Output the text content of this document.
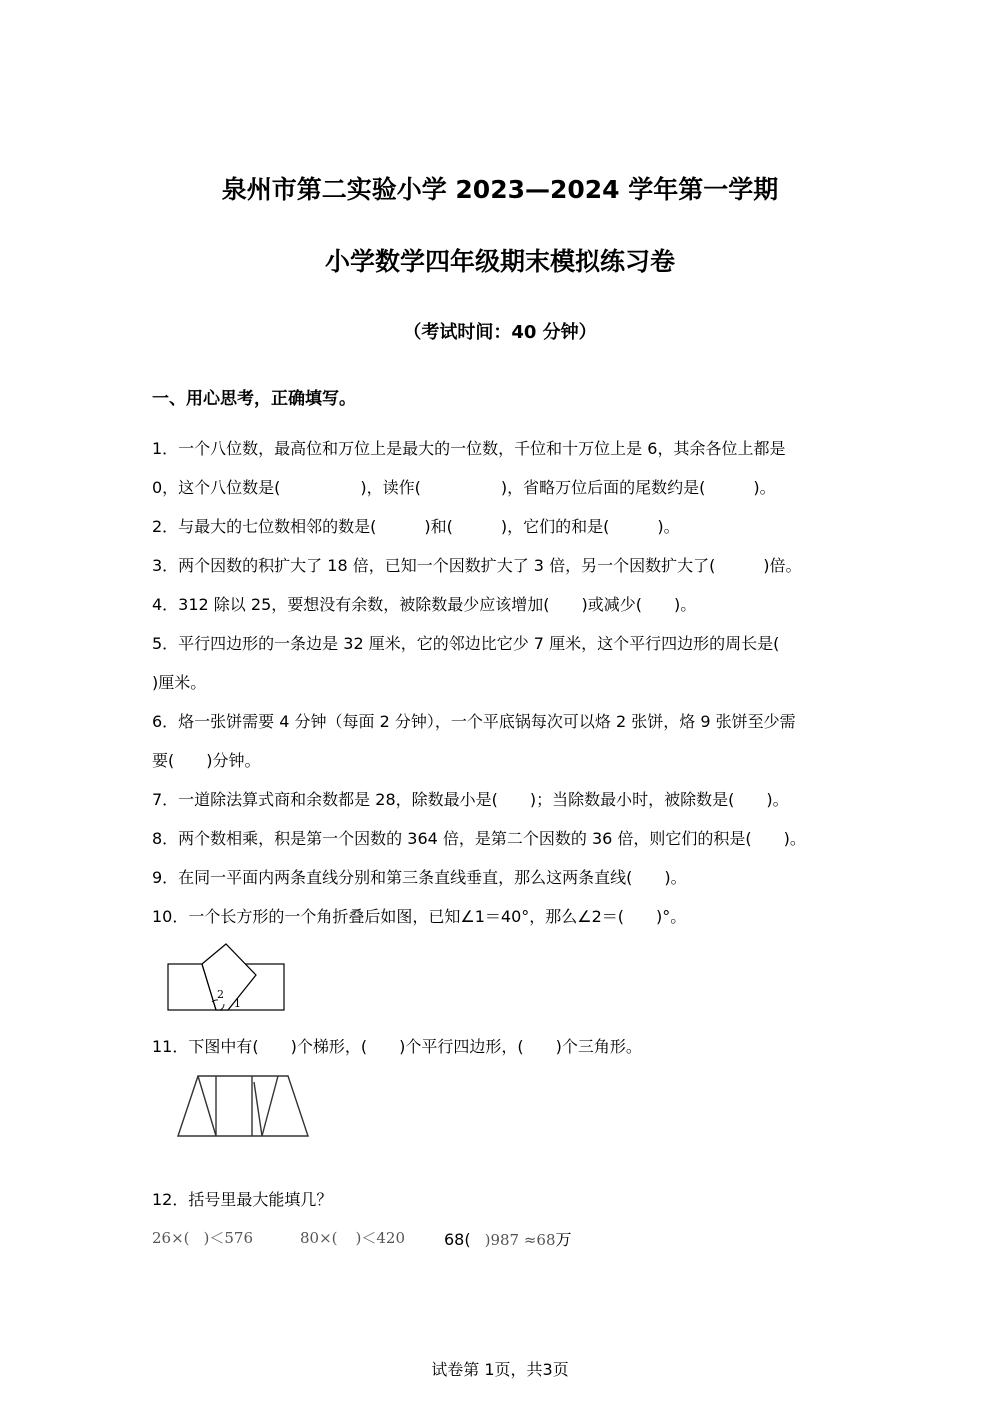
泉州市第二实验小学 2023—2024 学年第一学期
小学数学四年级期末模拟练习卷
（考试时间：40 分钟）
一、用心思考，正确填写。
1．一个八位数，最高位和万位上是最大的一位数，千位和十万位上是 6，其余各位上都是
0，这个八位数是(　　　　　)，读作(　　　　　)，省略万位后面的尾数约是(　　　)。
2．与最大的七位数相邻的数是(　　　)和(　　　)，它们的和是(　　　)。
3．两个因数的积扩大了 18 倍，已知一个因数扩大了 3 倍，另一个因数扩大了(　　　)倍。
4．312 除以 25，要想没有余数，被除数最少应该增加(　　)或减少(　　)。
5．平行四边形的一条边是 32 厘米，它的邻边比它少 7 厘米，这个平行四边形的周长是(
)厘米。
6．烙一张饼需要 4 分钟（每面 2 分钟），一个平底锅每次可以烙 2 张饼，烙 9 张饼至少需
要(　　)分钟。
7．一道除法算式商和余数都是 28，除数最小是(　　)；当除数最小时，被除数是(　　)。
8．两个数相乘，积是第一个因数的 364 倍，是第二个因数的 36 倍，则它们的积是(　　)。
9．在同一平面内两条直线分别和第三条直线垂直，那么这两条直线(　　)。
10．一个长方形的一个角折叠后如图，已知∠1＝40°，那么∠2＝(　　)°。
2
1
11．下图中有(　　)个梯形，(　　)个平行四边形，(　　)个三角形。
12．括号里最大能填几？
26×( )＜576	80×( )＜420 68( )987 ≈68万
试卷第 1页，共3页
